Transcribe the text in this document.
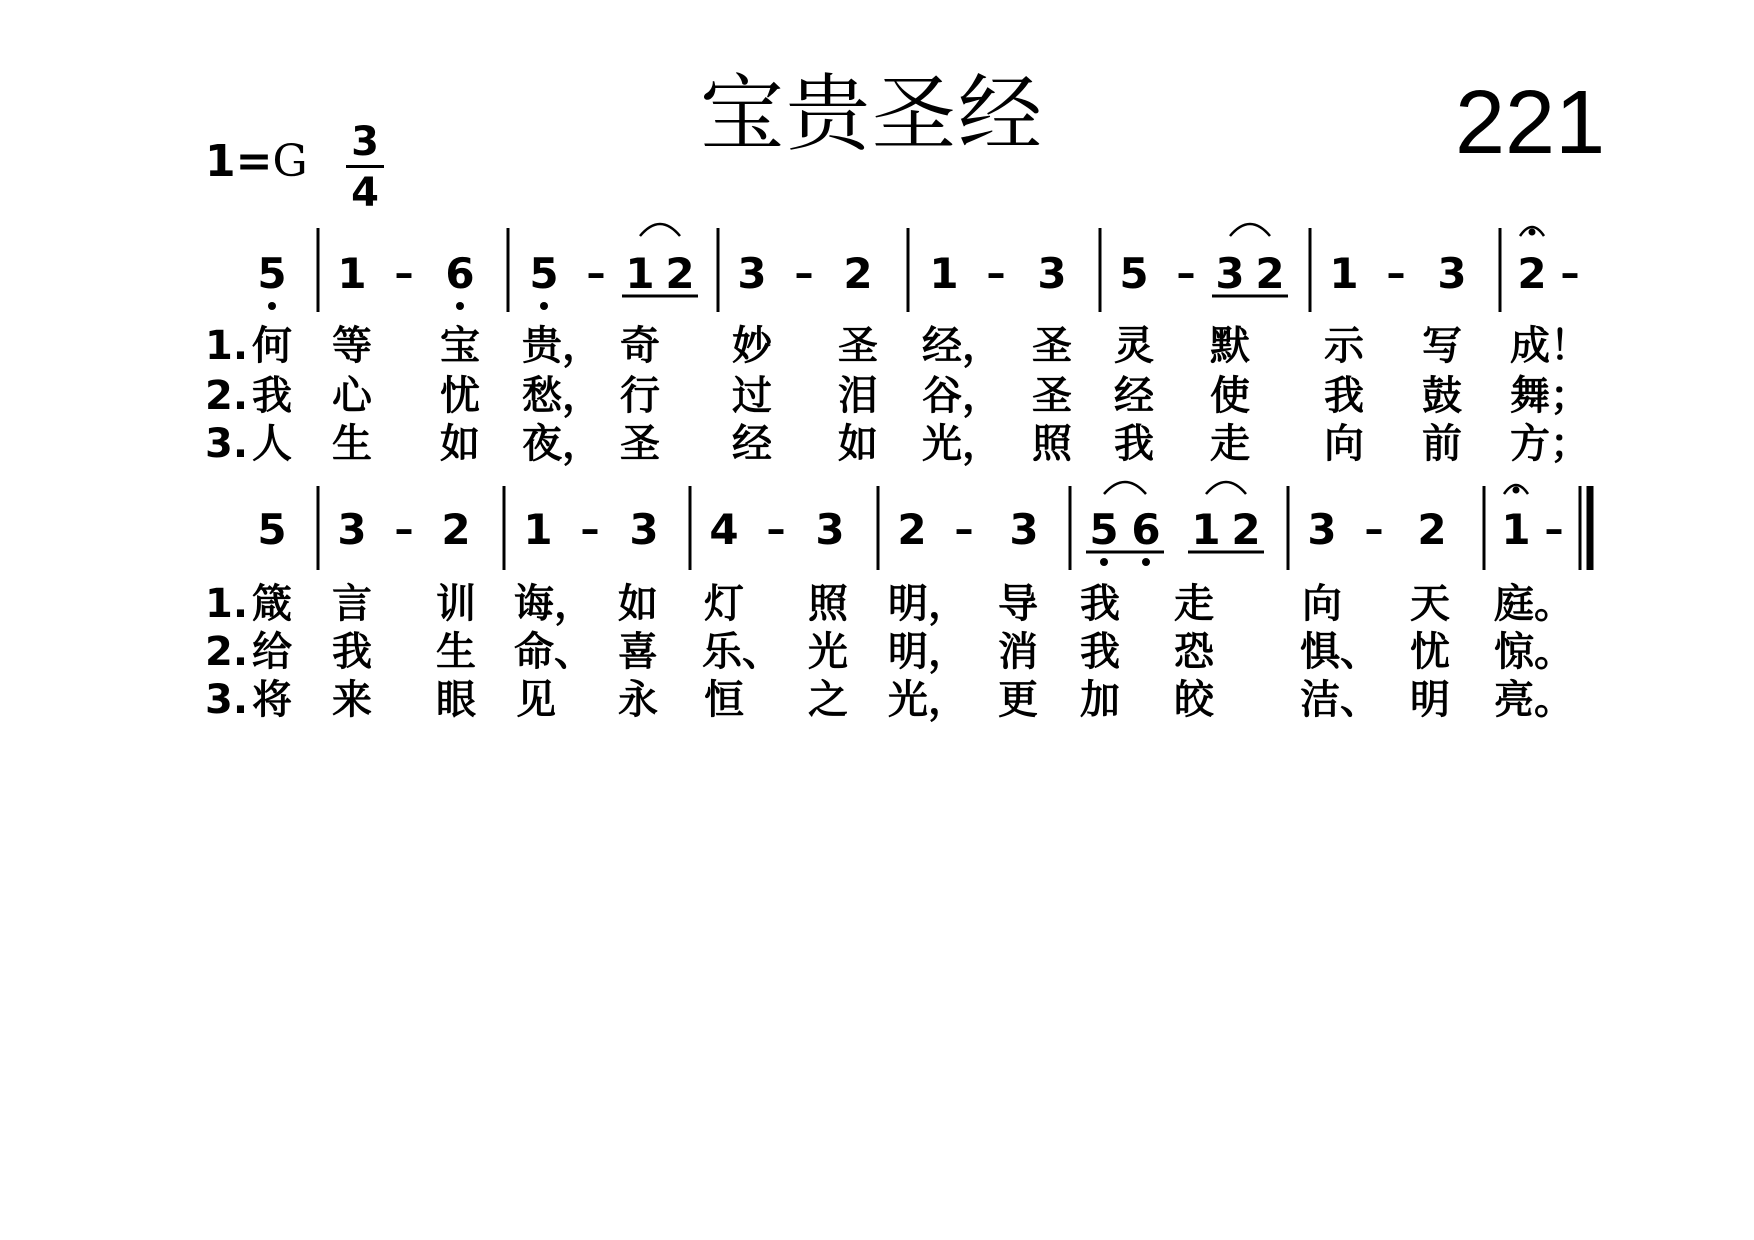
宝贵圣经	221
1=G 3
4
5 1 – 6 5 – 1 2 3 – 2 1 – 3 5 – 3 2 1 – 3 2 –
1. 何 等 宝 贵， 奇 妙 圣 经， 圣 灵 默 示 写 成！
2. 我 心 忧 愁， 行 过 泪 谷， 圣 经 使 我 鼓 舞；
3. 人 生 如 夜， 圣 经 如 光， 照 我 走 向 前 方；
5 3 – 2 1 – 3 4 – 3 2 – 3 5 6 1 2 3 – 2 1 –
1. 箴 言 训 诲， 如 灯 照 明， 导 我 走 向 天 庭。
2. 给 我 生 命、 喜 乐、 光 明， 消 我 恐 惧、 忧 惊。
3. 将 来 眼 见 永 恒 之 光， 更 加 皎 洁、 明 亮。
